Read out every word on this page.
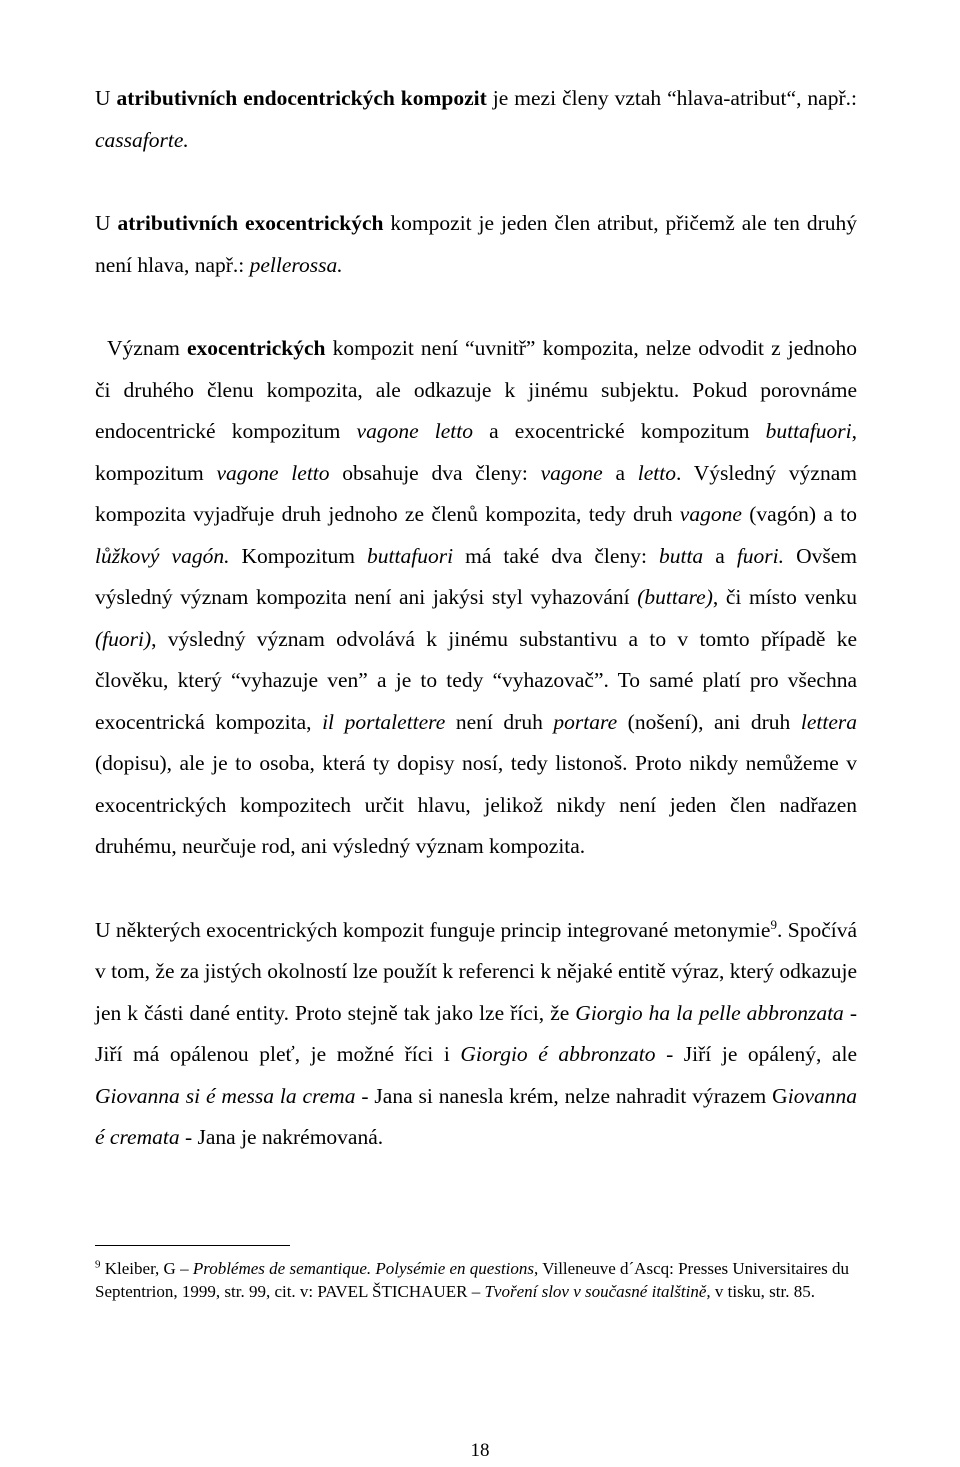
U atributivních endocentrických kompozit je mezi členy vztah “hlava-atribut“, např.: cassaforte.

U atributivních exocentrických kompozit je jeden člen atribut, přičemž ale ten druhý není hlava, např.: pellerossa.

Význam exocentrických kompozit není “uvnitř” kompozita, nelze odvodit z jednoho či druhého členu kompozita, ale odkazuje k jinému subjektu. Pokud porovnáme endocentrické kompozitum vagone letto a exocentrické kompozitum buttafuori, kompozitum vagone letto obsahuje dva členy: vagone a letto. Výsledný význam kompozita vyjadřuje druh jednoho ze členů kompozita, tedy druh vagone (vagón) a to lůžkový vagón. Kompozitum buttafuori má také dva členy: butta a fuori. Ovšem výsledný význam kompozita není ani jakýsi styl vyhazování (buttare), či místo venku (fuori), výsledný význam odvolává k jinému substantivu a to v tomto případě ke člověku, který “vyhazuje ven” a je to tedy “vyhazovač”. To samé platí pro všechna exocentrická kompozita, il portalettere není druh portare (nošení), ani druh lettera (dopisu), ale je to osoba, která ty dopisy nosí, tedy listonoš. Proto nikdy nemůžeme v exocentrických kompozitech určit hlavu, jelikož nikdy není jeden člen nadřazen druhému, neurčuje rod, ani výsledný význam kompozita.

U některých exocentrických kompozit funguje princip integrované metonymie$^9$. Spočívá v tom, že za jistých okolností lze použít k referenci k nějaké entitě výraz, který odkazuje jen k části dané entity. Proto stejně tak jako lze říci, že Giorgio ha la pelle abbronzata - Jiří má opálenou pleť, je možné říci i Giorgio é abbronzato - Jiří je opálený, ale Giovanna si é messa la crema - Jana si nanesla krém, nelze nahradit výrazem Giovanna é cremata - Jana je nakrémovaná.

$^9$ Kleiber, G – Problémes de semantique. Polysémie en questions, Villeneuve d´Ascq: Presses Universitaires du Septentrion, 1999, str. 99, cit. v: PAVEL ŠTICHAUER – Tvoření slov v současné italštině, v tisku, str. 85.
18
